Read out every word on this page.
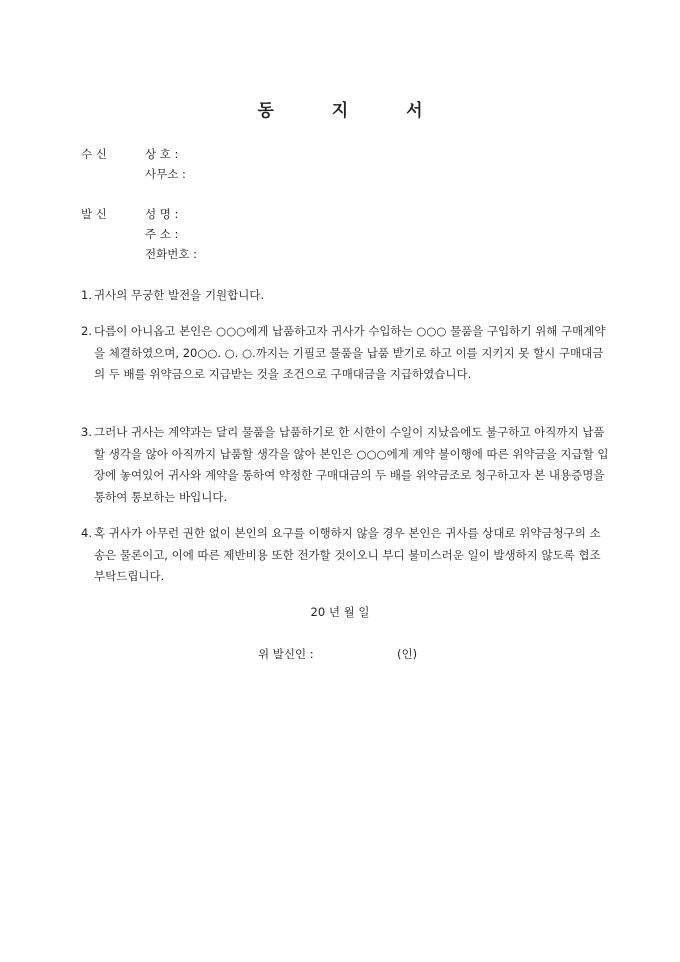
동 지 서
수 신	상 호 :
사무소 :
발 신	성 명 :
주 소 :
전화번호 :
1. 귀사의 무궁한 발전을 기원합니다.
2. 다름이 아니옵고 본인은 ○○○에게 납품하고자 귀사가 수입하는 ○○○ 물품을 구입하기 위해 구매계약을 체결하였으며, 20○○. ○. ○.까지는 기필코 물품을 납품 받기로 하고 이를 지키지 못 할시 구매대금의 두 배를 위약금으로 지급받는 것을 조건으로 구매대금을 지급하였습니다.
3. 그러나 귀사는 계약과는 달리 물품을 납품하기로 한 시한이 수일이 지났음에도 불구하고 아직까지 납품할 생각을 않아 아직까지 납품할 생각을 않아 본인은 ○○○에게 계약 불이행에 따른 위약금을 지급할 입장에 놓여있어 귀사와 계약을 통하여 약정한 구매대금의 두 배를 위약금조로 청구하고자 본 내용증명을 통하여 통보하는 바입니다.
4. 혹 귀사가 아무런 권한 없이 본인의 요구를 이행하지 않을 경우 본인은 귀사를 상대로 위약금청구의 소송은 물론이고, 이에 따른 제반비용 또한 전가할 것이오니 부디 불미스러운 일이 발생하지 않도록 협조 부탁드립니다.
20 년 월 일
위 발신인 :	(인)
